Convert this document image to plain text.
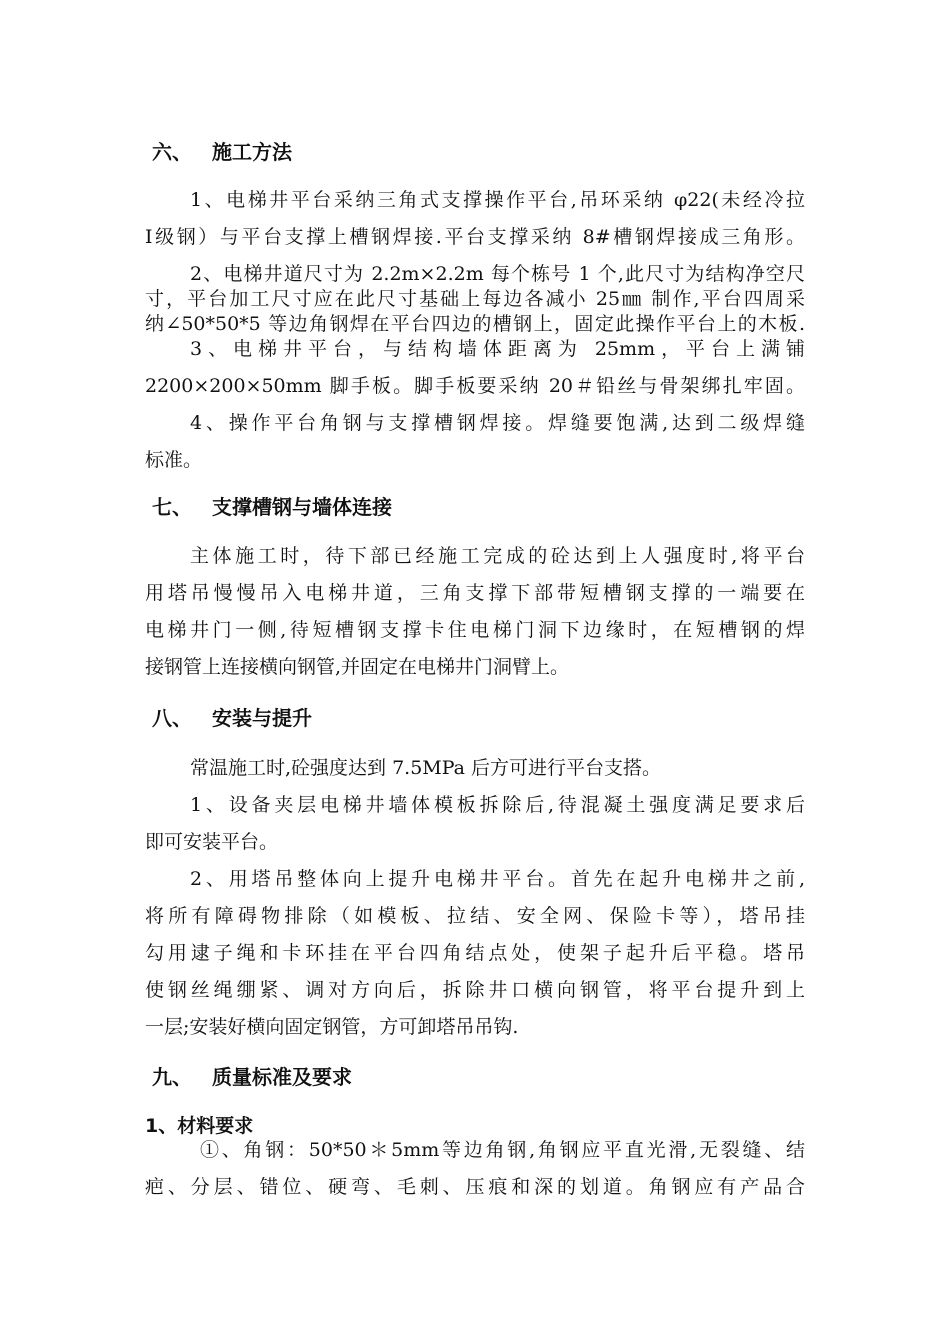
六、 施工方法
1、电梯井平台采纳三角式支撑操作平台,吊环采纳 φ22(未经冷拉
Ⅰ级钢）与平台支撑上槽钢焊接.平台支撑采纳 8#槽钢焊接成三角形。
2、电梯井道尺寸为 2.2m×2.2m 每个栋号 1 个,此尺寸为结构净空尺
寸，平台加工尺寸应在此尺寸基础上每边各减小 25㎜ 制作,平台四周采
纳∠50*50*5 等边角钢焊在平台四边的槽钢上，固定此操作平台上的木板.
3、电梯井平台，与结构墙体距离为 25mm，平台上满铺
2200×200×50mm 脚手板。脚手板要采纳 20＃铅丝与骨架绑扎牢固。
4、操作平台角钢与支撑槽钢焊接。焊缝要饱满,达到二级焊缝
标准。
七、 支撑槽钢与墙体连接
主体施工时，待下部已经施工完成的砼达到上人强度时,将平台
用塔吊慢慢吊入电梯井道，三角支撑下部带短槽钢支撑的一端要在
电梯井门一侧,待短槽钢支撑卡住电梯门洞下边缘时，在短槽钢的焊
接钢管上连接横向钢管,并固定在电梯井门洞臂上。
八、 安装与提升
常温施工时,砼强度达到 7.5MPa 后方可进行平台支搭。
1、设备夹层电梯井墙体模板拆除后,待混凝土强度满足要求后
即可安装平台。
2、用塔吊整体向上提升电梯井平台。首先在起升电梯井之前,
将所有障碍物排除（如模板、拉结、安全网、保险卡等），塔吊挂
勾用逮子绳和卡环挂在平台四角结点处，使架子起升后平稳。塔吊
使钢丝绳绷紧、调对方向后，拆除井口横向钢管，将平台提升到上
一层;安装好横向固定钢管，方可卸塔吊吊钩.
九、 质量标准及要求
1、材料要求
①、角钢：50*50＊5mm等边角钢,角钢应平直光滑,无裂缝、结
疤、分层、错位、硬弯、毛刺、压痕和深的划道。角钢应有产品合
